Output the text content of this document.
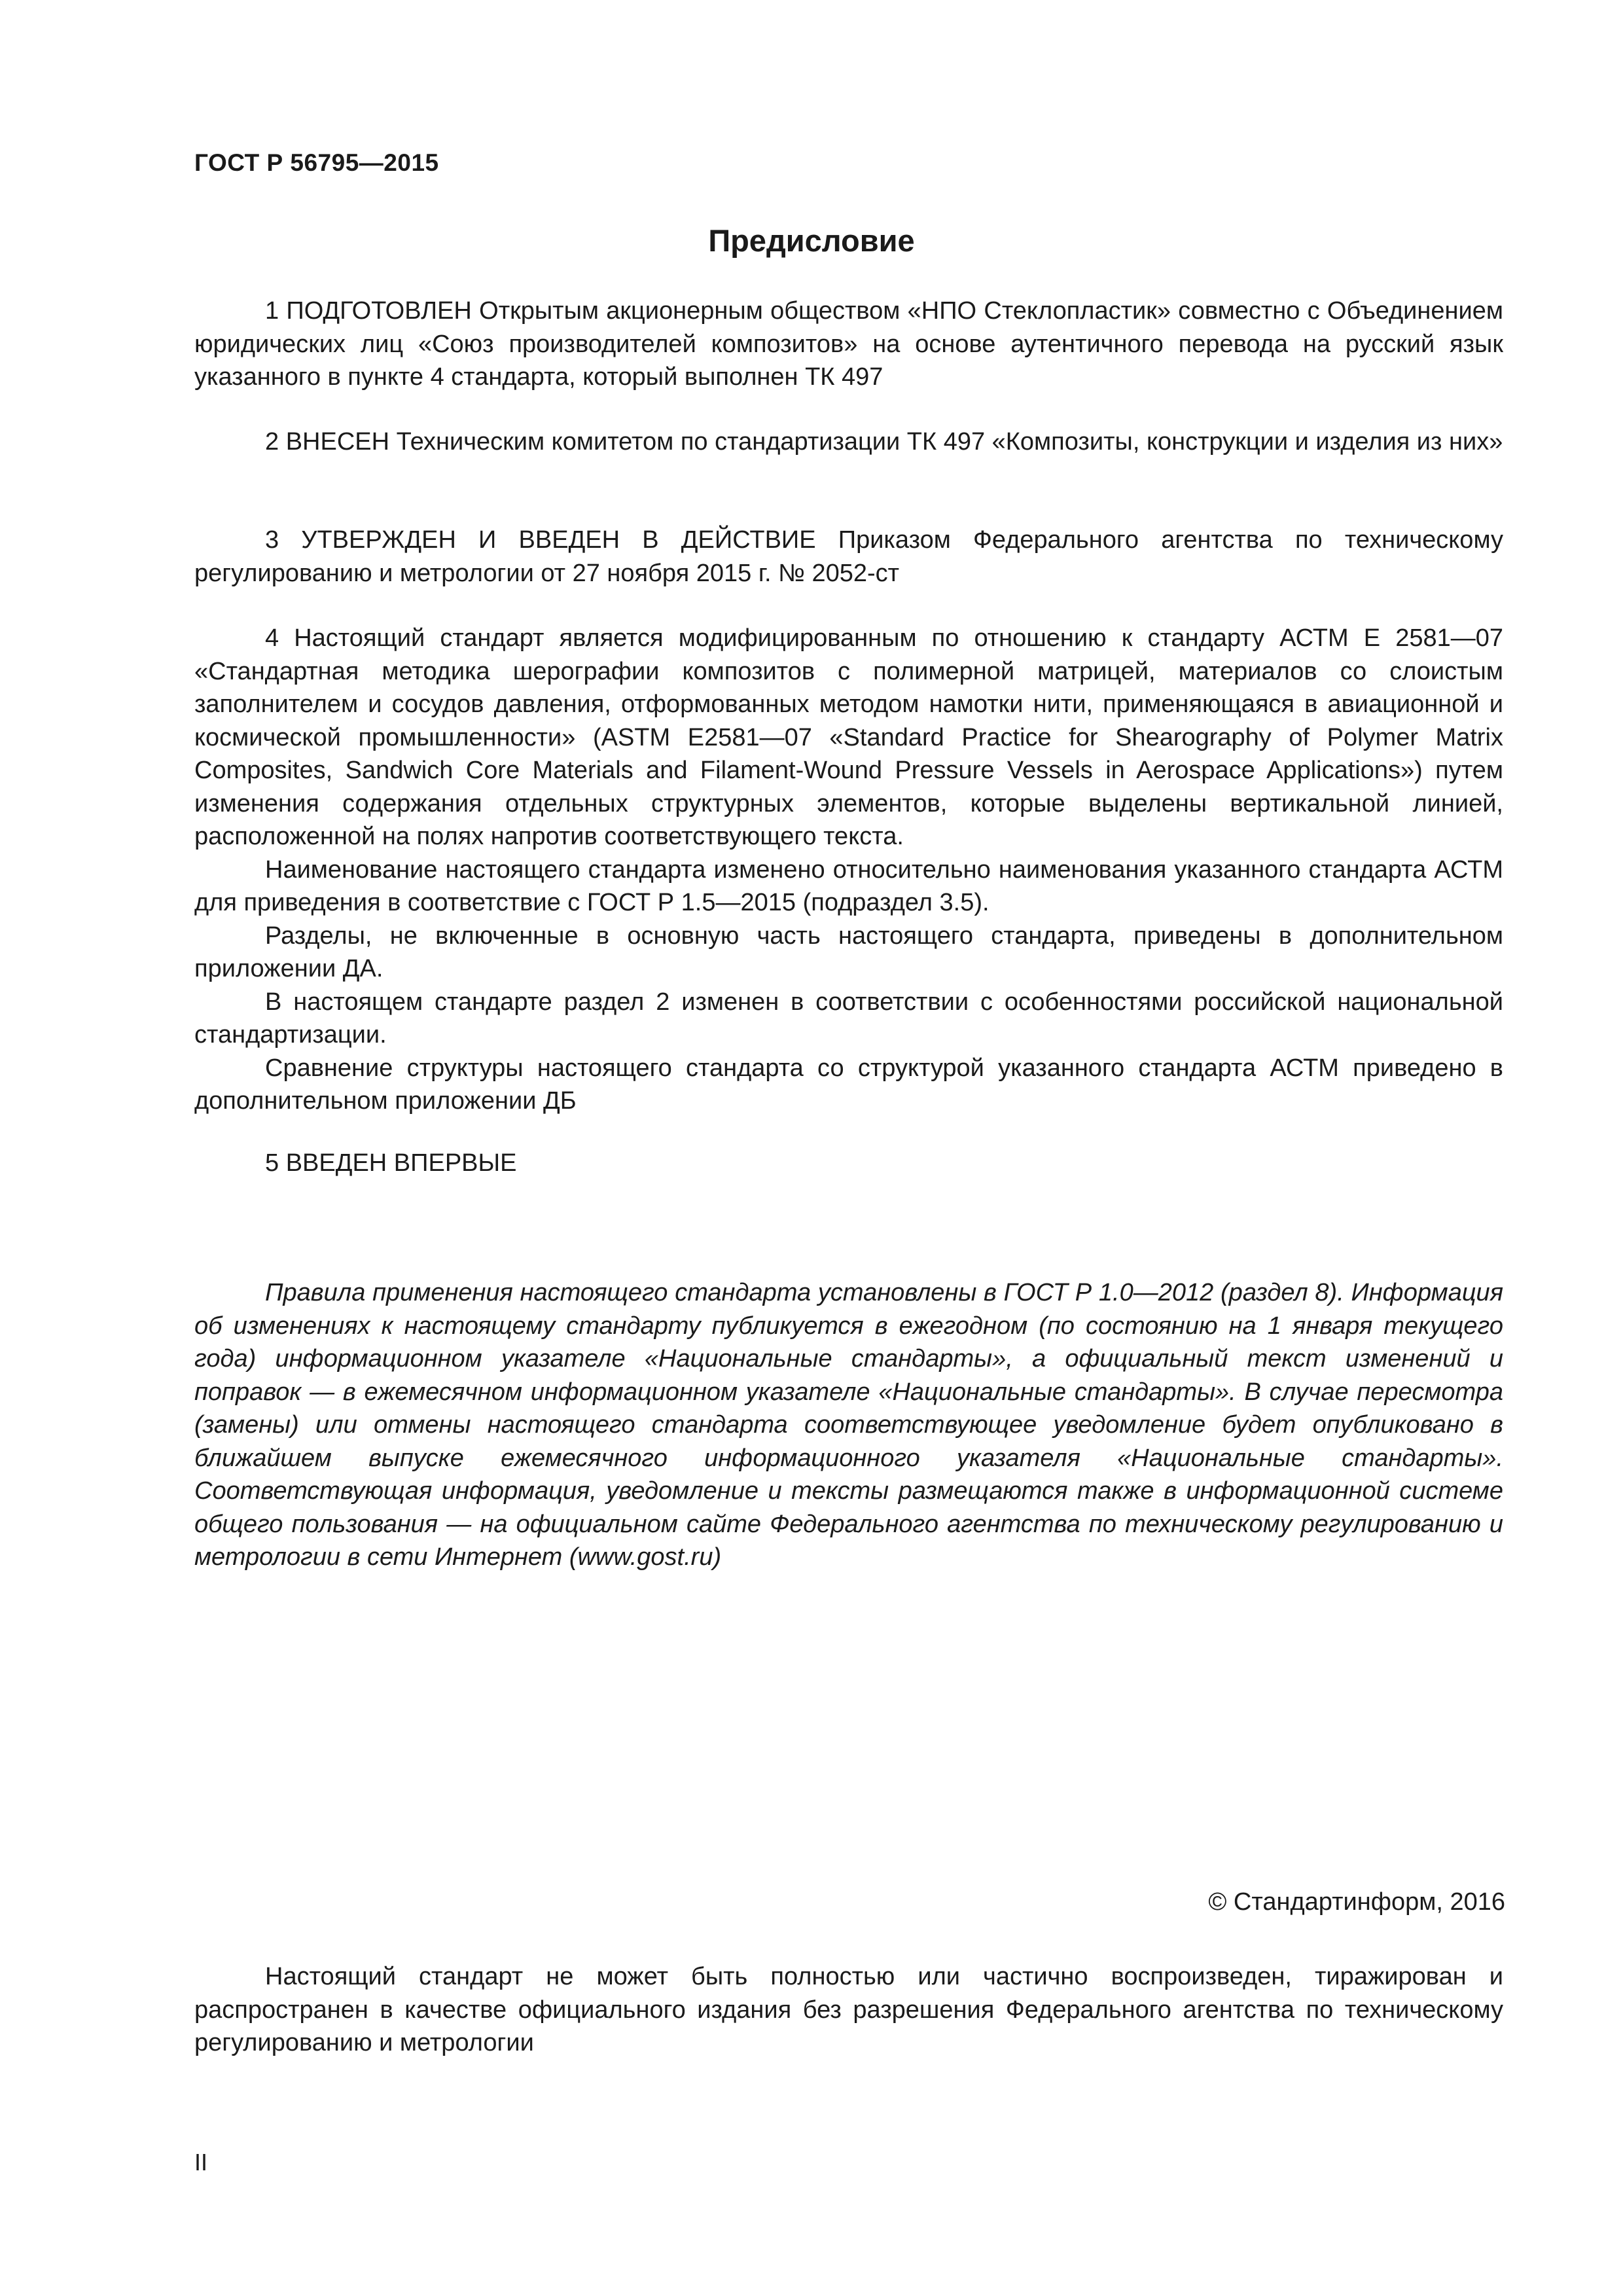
ГОСТ Р 56795—2015
Предисловие

1 ПОДГОТОВЛЕН Открытым акционерным обществом «НПО Стеклопластик» совместно с Объединением юридических лиц «Союз производителей композитов» на основе аутентичного перевода на русский язык указанного в пункте 4 стандарта, который выполнен ТК 497

2 ВНЕСЕН Техническим комитетом по стандартизации ТК 497 «Композиты, конструкции и изделия из них»

3 УТВЕРЖДЕН И ВВЕДЕН В ДЕЙСТВИЕ Приказом Федерального агентства по техническому регулированию и метрологии от 27 ноября 2015 г. № 2052-ст

4 Настоящий стандарт является модифицированным по отношению к стандарту АСТМ Е 2581—07 «Стандартная методика шерографии композитов с полимерной матрицей, материалов со слоистым заполнителем и сосудов давления, отформованных методом намотки нити, применяющаяся в авиационной и космической промышленности» (ASTM E2581—07 «Standard Practice for Shearography of Polymer Matrix Composites, Sandwich Core Materials and Filament-Wound Pressure Vessels in Aerospace Applications») путем изменения содержания отдельных структурных элементов, которые выделены вертикальной линией, расположенной на полях напротив соответствующего текста.

Наименование настоящего стандарта изменено относительно наименования указанного стандарта АСТМ для приведения в соответствие с ГОСТ Р 1.5—2015 (подраздел 3.5).

Разделы, не включенные в основную часть настоящего стандарта, приведены в дополнительном приложении ДА.

В настоящем стандарте раздел 2 изменен в соответствии с особенностями российской национальной стандартизации.

Сравнение структуры настоящего стандарта со структурой указанного стандарта АСТМ приведено в дополнительном приложении ДБ

5 ВВЕДЕН ВПЕРВЫЕ

Правила применения настоящего стандарта установлены в ГОСТ Р 1.0—2012 (раздел 8). Информация об изменениях к настоящему стандарту публикуется в ежегодном (по состоянию на 1 января текущего года) информационном указателе «Национальные стандарты», а официальный текст изменений и поправок — в ежемесячном информационном указателе «Национальные стандарты». В случае пересмотра (замены) или отмены настоящего стандарта соответствующее уведомление будет опубликовано в ближайшем выпуске ежемесячного информационного указателя «Национальные стандарты». Соответствующая информация, уведомление и тексты размещаются также в информационной системе общего пользования — на официальном сайте Федерального агентства по техническому регулированию и метрологии в сети Интернет (www.gost.ru)

© Стандартинформ, 2016

Настоящий стандарт не может быть полностью или частично воспроизведен, тиражирован и распространен в качестве официального издания без разрешения Федерального агентства по техническому регулированию и метрологии

II
